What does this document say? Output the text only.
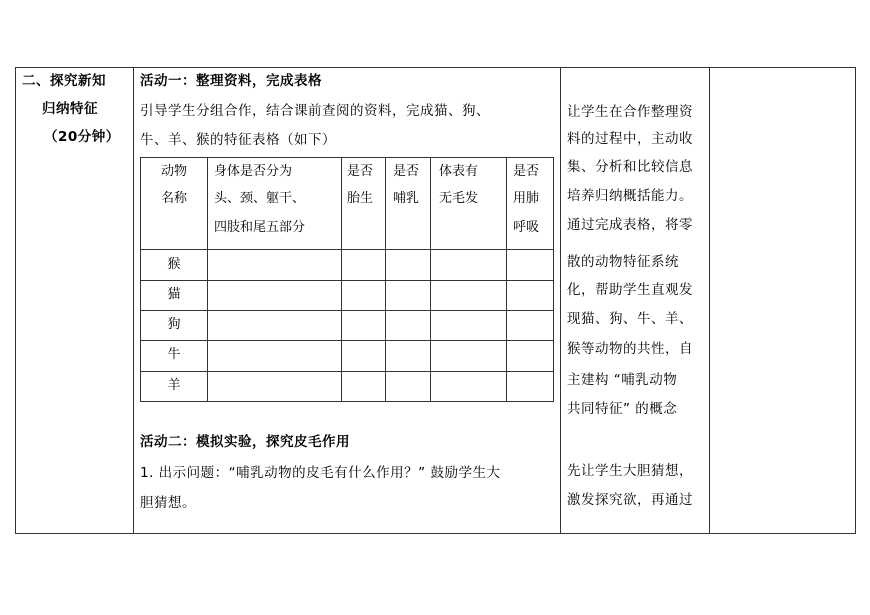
二、探究新知
归纳特征
（20分钟）
活动一：整理资料，完成表格
引导学生分组合作，结合课前查阅的资料，完成猫、狗、
牛、羊、猴的特征表格（如下）
动物
名称
身体是否分为
头、颈、躯干、
四肢和尾五部分
是否
胎生
是否
哺乳
体表有
无毛发
是否
用肺
呼吸
猴
猫
狗
牛
羊
活动二：模拟实验，探究皮毛作用
1. 出示问题：“哺乳动物的皮毛有什么作用？” 鼓励学生大
胆猜想。
让学生在合作整理资
料的过程中，主动收
集、分析和比较信息
培养归纳概括能力。
通过完成表格，将零
散的动物特征系统
化，帮助学生直观发
现猫、狗、牛、羊、
猴等动物的共性，自
主建构 “哺乳动物
共同特征” 的概念
先让学生大胆猜想，
激发探究欲，再通过
